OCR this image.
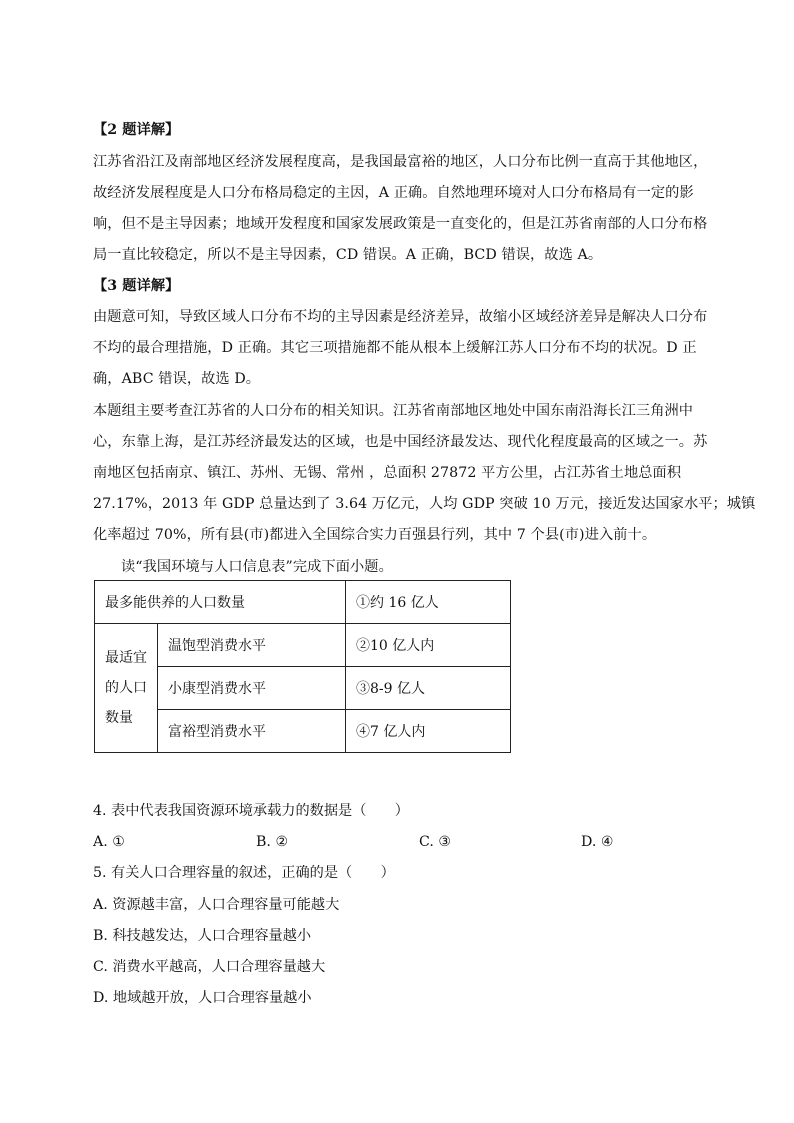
【2 题详解】
江苏省沿江及南部地区经济发展程度高，是我国最富裕的地区，人口分布比例一直高于其他地区，
故经济发展程度是人口分布格局稳定的主因，A 正确。自然地理环境对人口分布格局有一定的影
响，但不是主导因素；地域开发程度和国家发展政策是一直变化的，但是江苏省南部的人口分布格
局一直比较稳定，所以不是主导因素，CD 错误。A 正确，BCD 错误，故选 A。
【3 题详解】
由题意可知，导致区域人口分布不均的主导因素是经济差异，故缩小区域经济差异是解决人口分布
不均的最合理措施，D 正确。其它三项措施都不能从根本上缓解江苏人口分布不均的状况。D 正
确，ABC 错误，故选 D。
本题组主要考查江苏省的人口分布的相关知识。江苏省南部地区地处中国东南沿海长江三角洲中
心，东靠上海，是江苏经济最发达的区域，也是中国经济最发达、现代化程度最高的区域之一。苏
南地区包括南京、镇江、苏州、无锡、常州 ，总面积 27872 平方公里，占江苏省土地总面积
27.17%，2013 年 GDP 总量达到了 3.64 万亿元，人均 GDP 突破 10 万元，接近发达国家水平；城镇
化率超过 70%，所有县(市)都进入全国综合实力百强县行列，其中 7 个县(市)进入前十。
读“我国环境与人口信息表”完成下面小题。
最多能供养的人口数量		①约 16 亿人
最适宜的人口数量	温饱型消费水平	②10 亿人内
	小康型消费水平	③8-9 亿人
	富裕型消费水平	④7 亿人内
4. 表中代表我国资源环境承载力的数据是（　　）
A. ①	B. ②	C. ③	D. ④
5. 有关人口合理容量的叙述，正确的是（　　）
A. 资源越丰富，人口合理容量可能越大
B. 科技越发达，人口合理容量越小
C. 消费水平越高，人口合理容量越大
D. 地域越开放，人口合理容量越小
